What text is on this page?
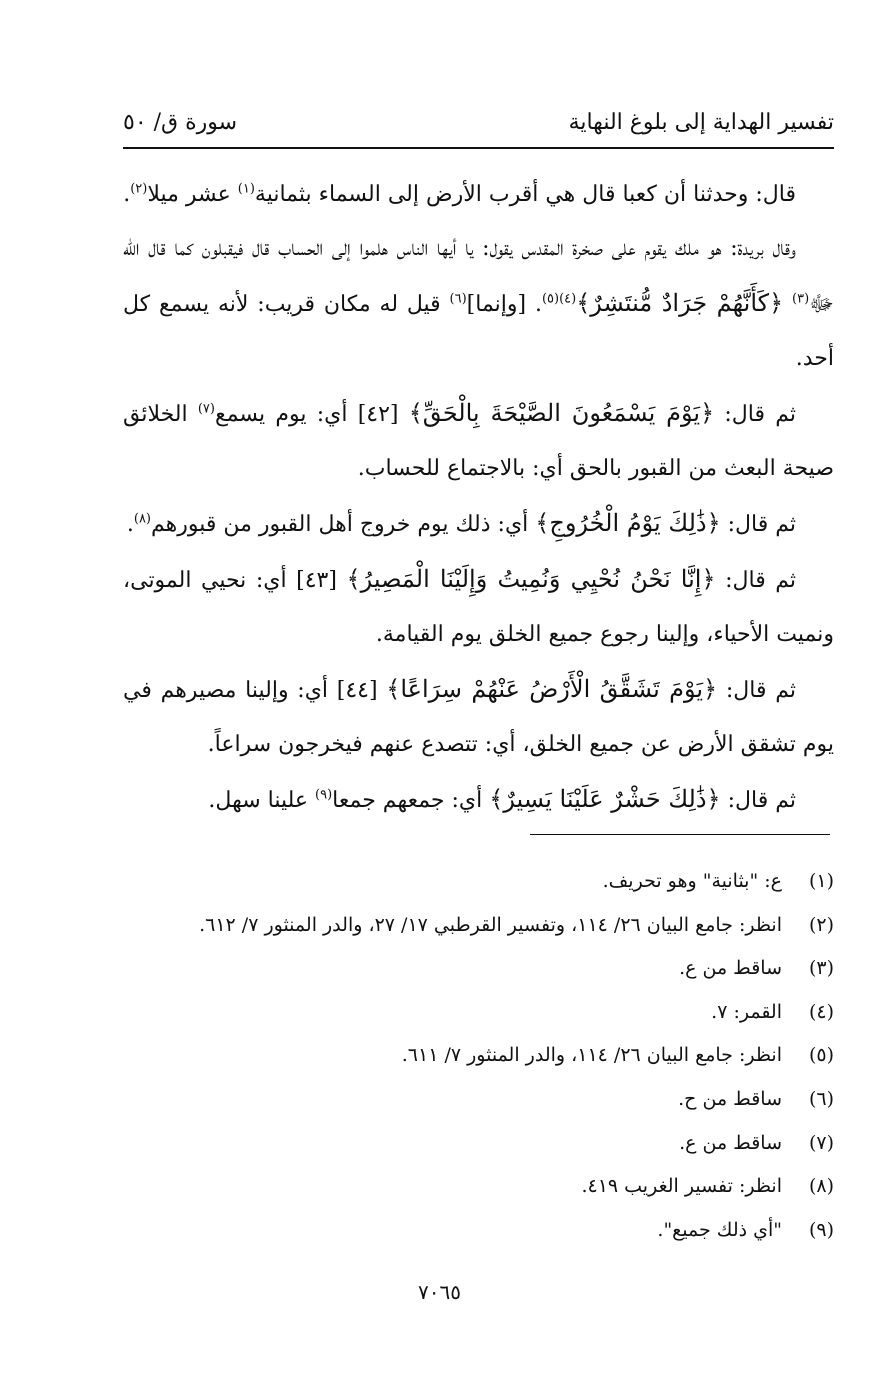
تفسير الهداية إلى بلوغ النهاية
سورة ق/ ٥٠

قال: وحدثنا أن كعبا قال هي أقرب الأرض إلى السماء بثمانية$^{(١)}$ عشر ميلا$^{(٢)}$.

وقال بريدة: هو ملك يقوم على صخرة المقدس يقول: يا أيها الناس هلموا إلى الحساب قال فيقبلون كما قال الله ﷻ$^{(٣)}$ ﴿كَأَنَّهُمْ جَرَادٌ مُّنتَشِرٌ﴾$^{(٤)(٥)}$. [وإنما]$^{(٦)}$ قيل له مكان قريب: لأنه يسمع كل أحد.

ثم قال: ﴿يَوْمَ يَسْمَعُونَ الصَّيْحَةَ بِالْحَقِّ﴾ [٤٢] أي: يوم يسمع$^{(٧)}$ الخلائق صيحة البعث من القبور بالحق أي: بالاجتماع للحساب.

ثم قال: ﴿ذَٰلِكَ يَوْمُ الْخُرُوجِ﴾ أي: ذلك يوم خروج أهل القبور من قبورهم$^{(٨)}$.

ثم قال: ﴿إِنَّا نَحْنُ نُحْيِي وَنُمِيتُ وَإِلَيْنَا الْمَصِيرُ﴾ [٤٣] أي: نحيي الموتى، ونميت الأحياء، وإلينا رجوع جميع الخلق يوم القيامة.

ثم قال: ﴿يَوْمَ تَشَقَّقُ الْأَرْضُ عَنْهُمْ سِرَاعًا﴾ [٤٤] أي: وإلينا مصيرهم في يوم تشقق الأرض عن جميع الخلق، أي: تتصدع عنهم فيخرجون سراعاً.

ثم قال: ﴿ذَٰلِكَ حَشْرٌ عَلَيْنَا يَسِيرٌ﴾ أي: جمعهم جمعا$^{(٩)}$ علينا سهل.

(١)
ع: "بثانية" وهو تحريف.
(٢)
انظر: جامع البيان ٢٦/ ١١٤، وتفسير القرطبي ١٧/ ٢٧، والدر المنثور ٧/ ٦١٢.
(٣)
ساقط من ع.
(٤)
القمر: ٧.
(٥)
انظر: جامع البيان ٢٦/ ١١٤، والدر المنثور ٧/ ٦١١.
(٦)
ساقط من ح.
(٧)
ساقط من ع.
(٨)
انظر: تفسير الغريب ٤١٩.
(٩)
"أي ذلك جميع".
٧٠٦٥
